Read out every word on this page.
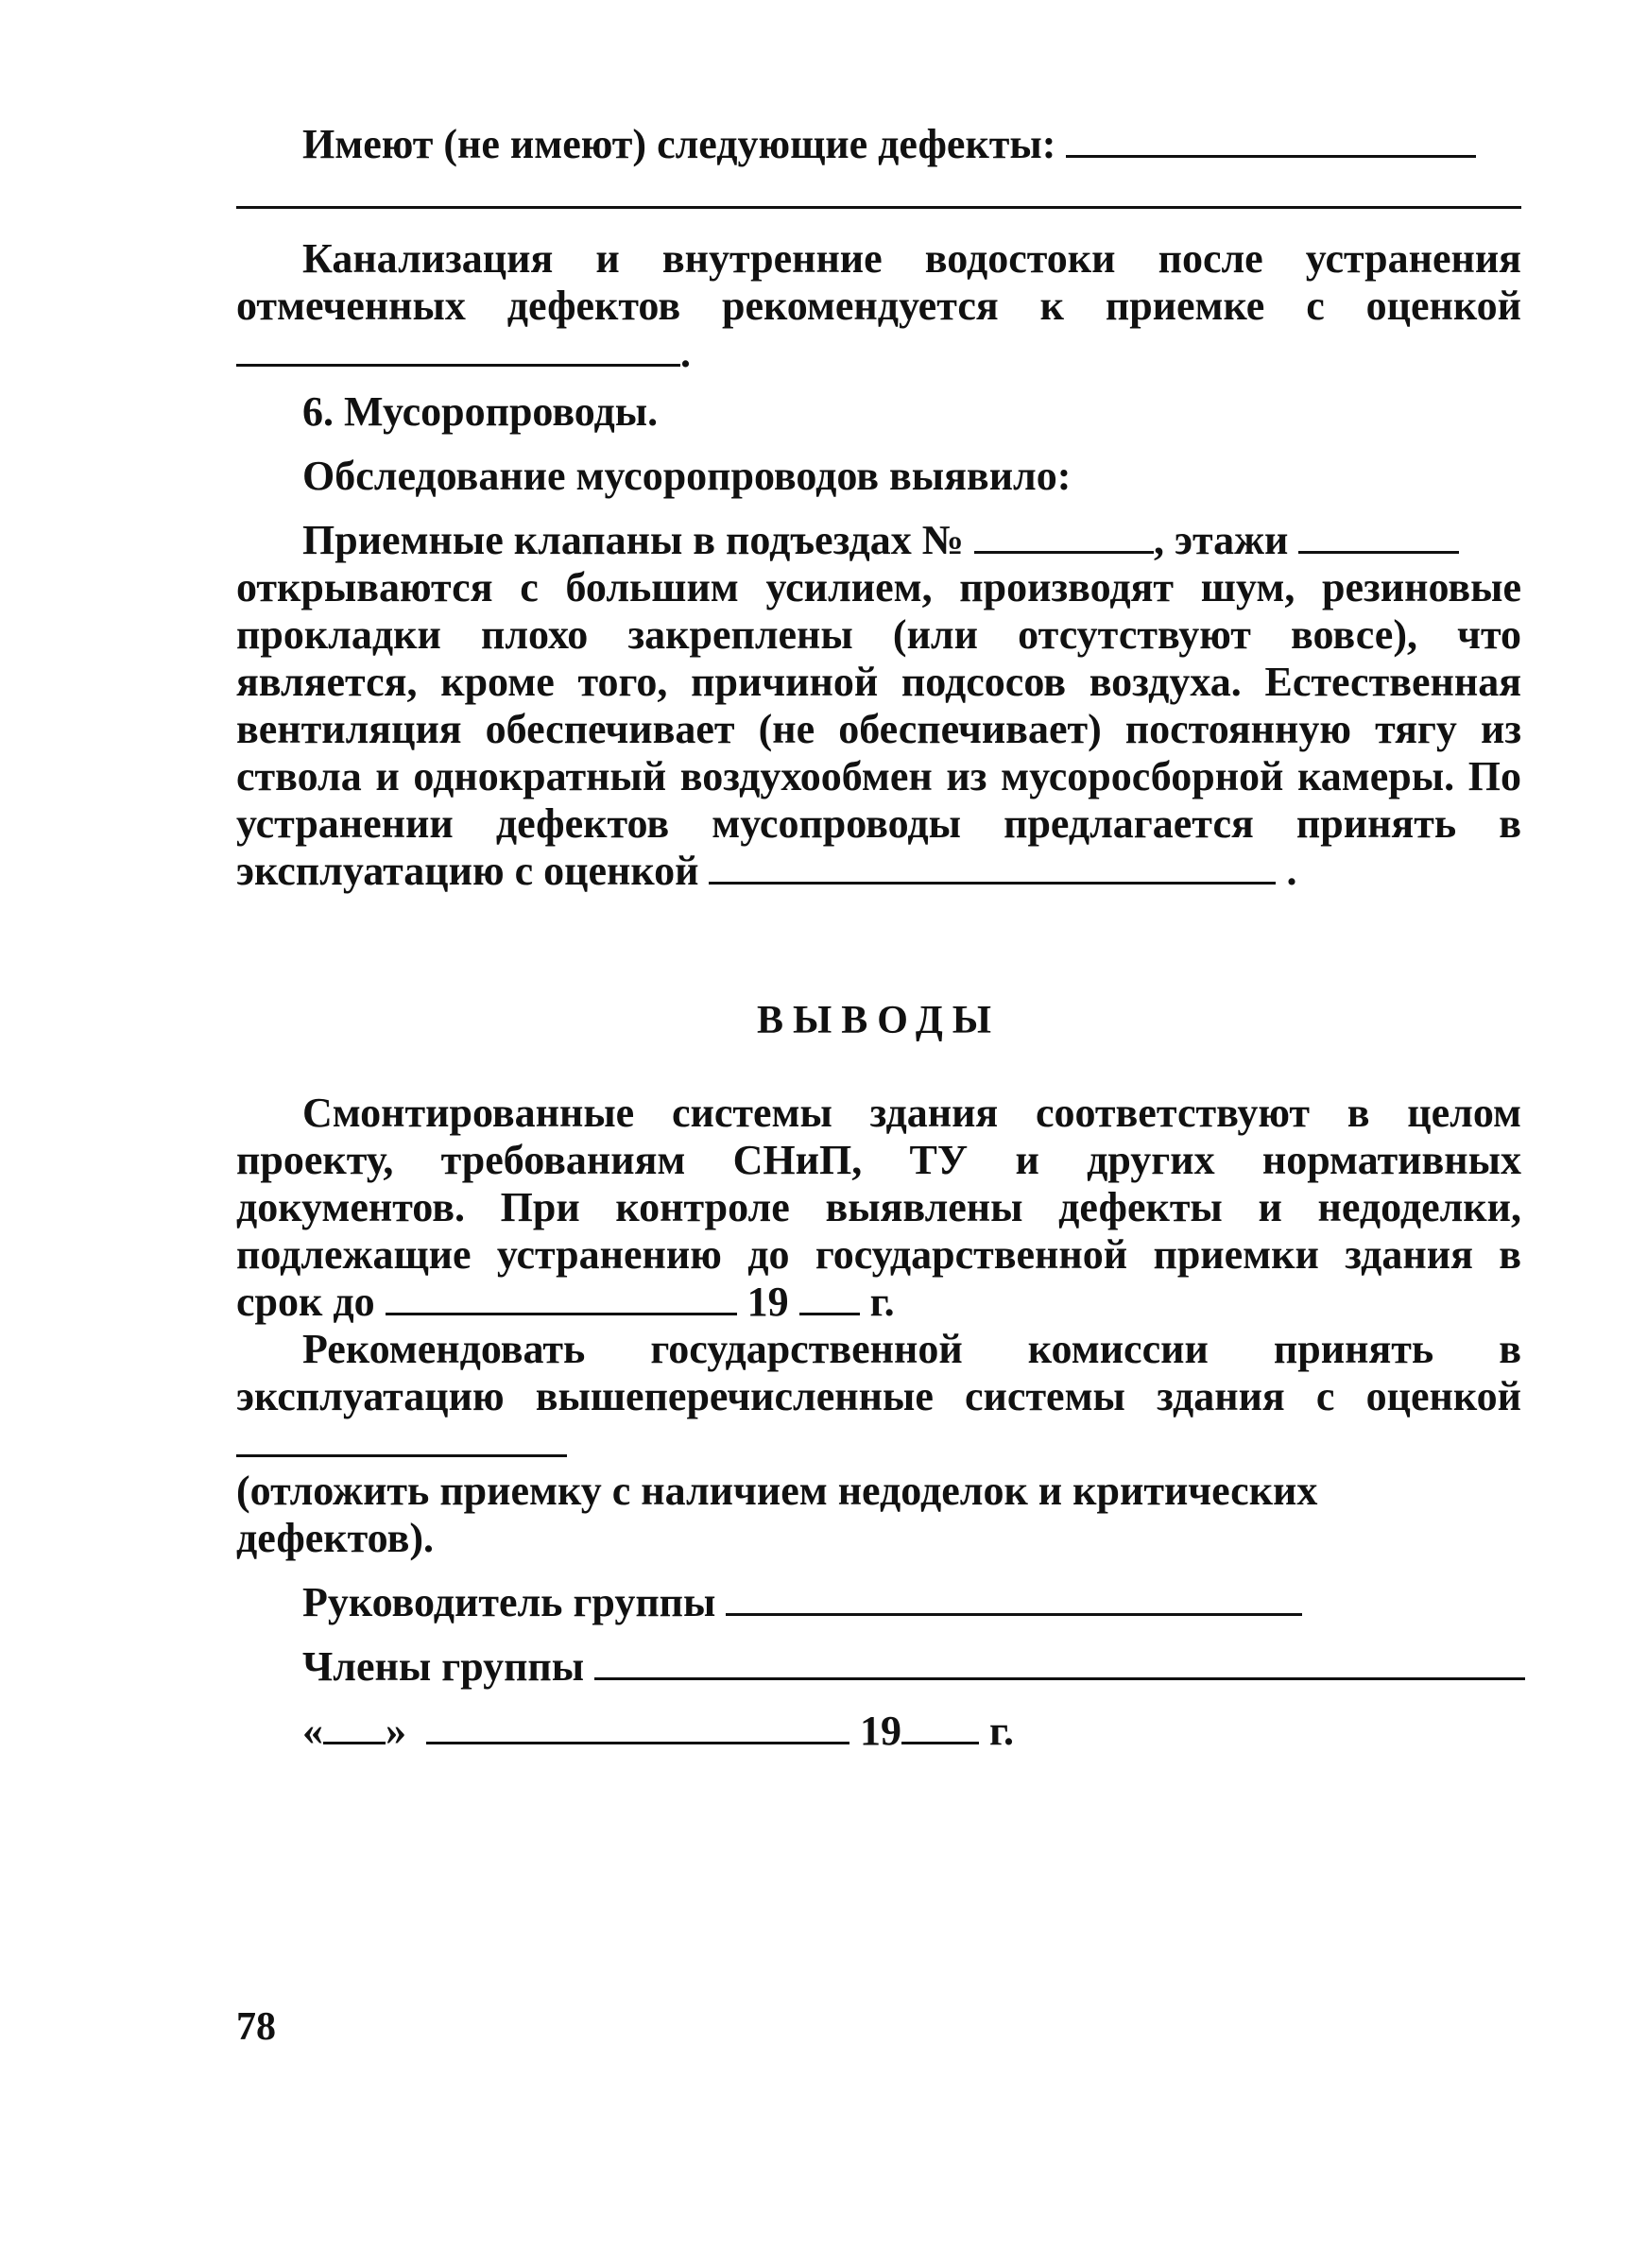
Имеют (не имеют) следующие дефекты:

Канализация и внутренние водостоки после устранения отмеченных дефектов рекомендуется к приемке с оценкой .

6. Мусоропроводы.

Обследование мусоропроводов выявило:

Приемные клапаны в подъездах №	, этажи

открываются с большим усилием, производят шум, резиновые прокладки плохо закреплены (или отсутствуют вовсе), что является, кроме того, причиной подсосов воздуха. Естественная вентиляция обеспечивает (не обеспечивает) постоянную тягу из ствола и однократный воздухообмен из мусоросборной камеры. По устранении дефектов мусопроводы предлагается принять в эксплуатацию с оценкой	.

ВЫВОДЫ

Смонтированные системы здания соответствуют в целом проекту, требованиям СНиП, ТУ и других нормативных документов. При контроле выявлены дефекты и недоделки, подлежащие устранению до государственной приемки здания в срок до	19 г.

Рекомендовать государственной комиссии принять в эксплуатацию вышеперечисленные системы здания с оценкой

(отложить приемку с наличием недоделок и критических дефектов).

Руководитель группы

Члены группы

« »	19 г.

78
